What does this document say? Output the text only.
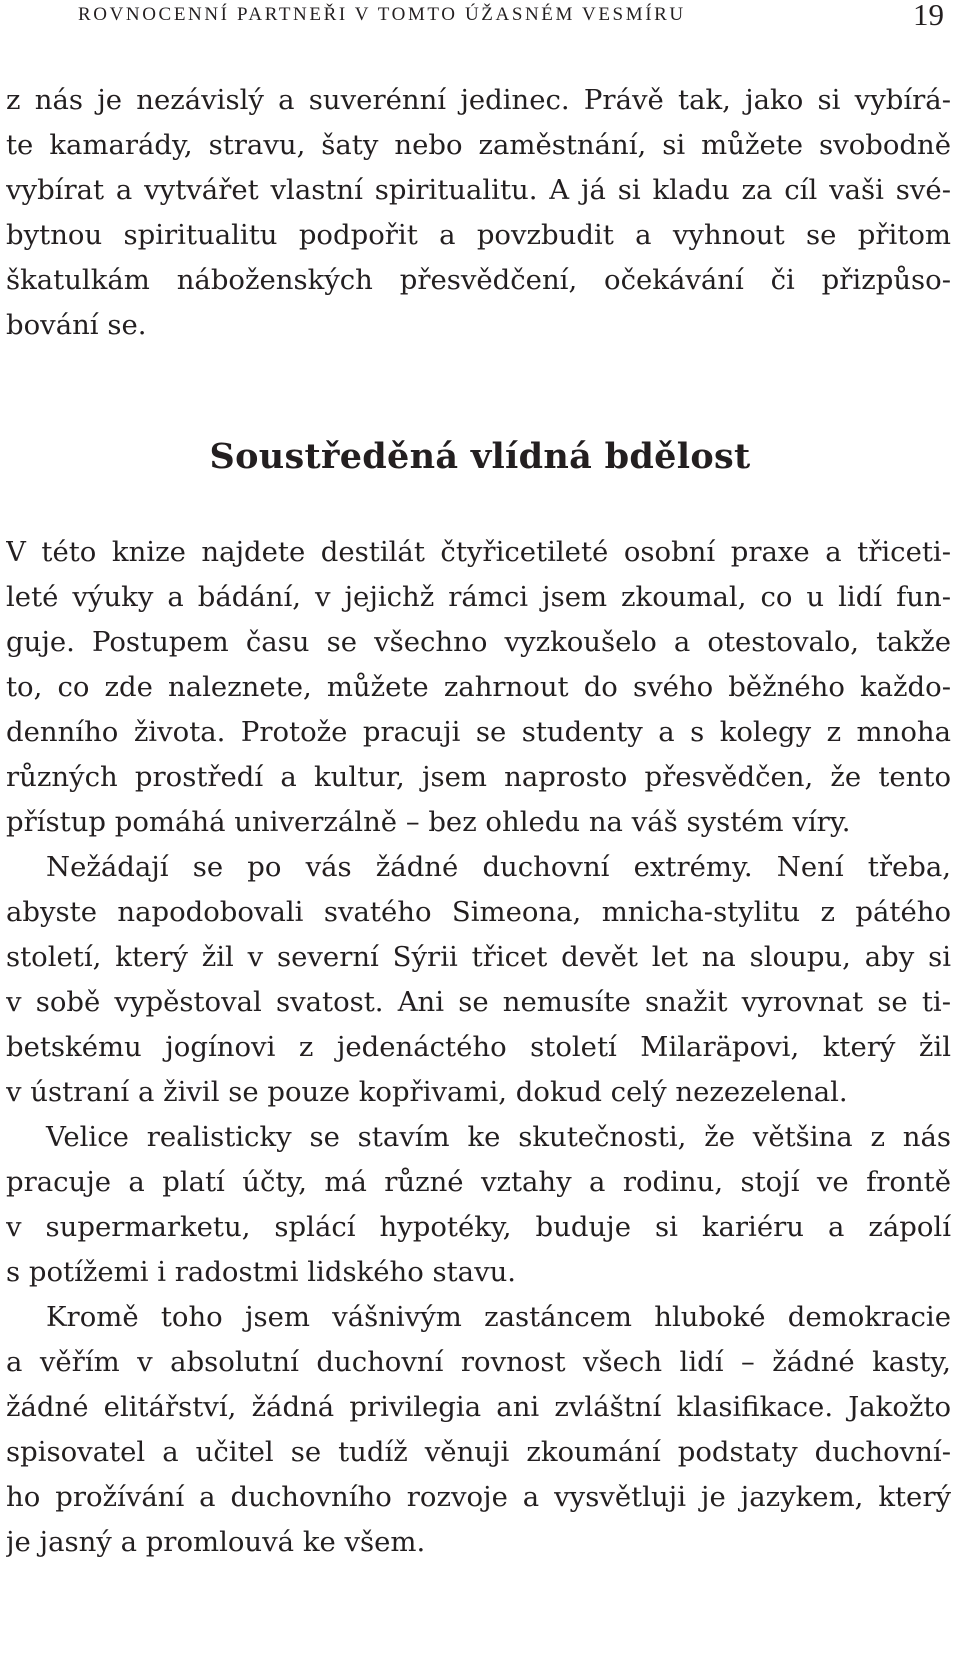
ROVNOCENNÍ PARTNEŘI V TOMTO ÚŽASNÉM VESMÍRU	19
z nás je nezávislý a suverénní jedinec. Právě tak, jako si vybírá-
te kamarády, stravu, šaty nebo zaměstnání, si můžete svobodně
vybírat a vytvářet vlastní spiritualitu. A já si kladu za cíl vaši své-
bytnou spiritualitu podpořit a povzbudit a vyhnout se přitom
škatulkám náboženských přesvědčení, očekávání či přizpůso-
bování se.
Soustředěná vlídná bdělost
V této knize najdete destilát čtyřicetileté osobní praxe a třiceti-
leté výuky a bádání, v jejichž rámci jsem zkoumal, co u lidí fun-
guje. Postupem času se všechno vyzkoušelo a otestovalo, takže
to, co zde naleznete, můžete zahrnout do svého běžného každo-
denního života. Protože pracuji se studenty a s kolegy z mnoha
různých prostředí a kultur, jsem naprosto přesvědčen, že tento
přístup pomáhá univerzálně – bez ohledu na váš systém víry.
Nežádají se po vás žádné duchovní extrémy. Není třeba,
abyste napodobovali svatého Simeona, mnicha-stylitu z pátého
století, který žil v severní Sýrii třicet devět let na sloupu, aby si
v sobě vypěstoval svatost. Ani se nemusíte snažit vyrovnat se ti-
betskému jogínovi z jedenáctého století Milaräpovi, který žil
v ústraní a živil se pouze kopřivami, dokud celý nezezelenal.
Velice realisticky se stavím ke skutečnosti, že většina z nás
pracuje a platí účty, má různé vztahy a rodinu, stojí ve frontě
v supermarketu, splácí hypotéky, buduje si kariéru a zápolí
s potížemi i radostmi lidského stavu.
Kromě toho jsem vášnivým zastáncem hluboké demokracie
a věřím v absolutní duchovní rovnost všech lidí – žádné kasty,
žádné elitářství, žádná privilegia ani zvláštní klasifikace. Jakožto
spisovatel a učitel se tudíž věnuji zkoumání podstaty duchovní-
ho prožívání a duchovního rozvoje a vysvětluji je jazykem, který
je jasný a promlouvá ke všem.
